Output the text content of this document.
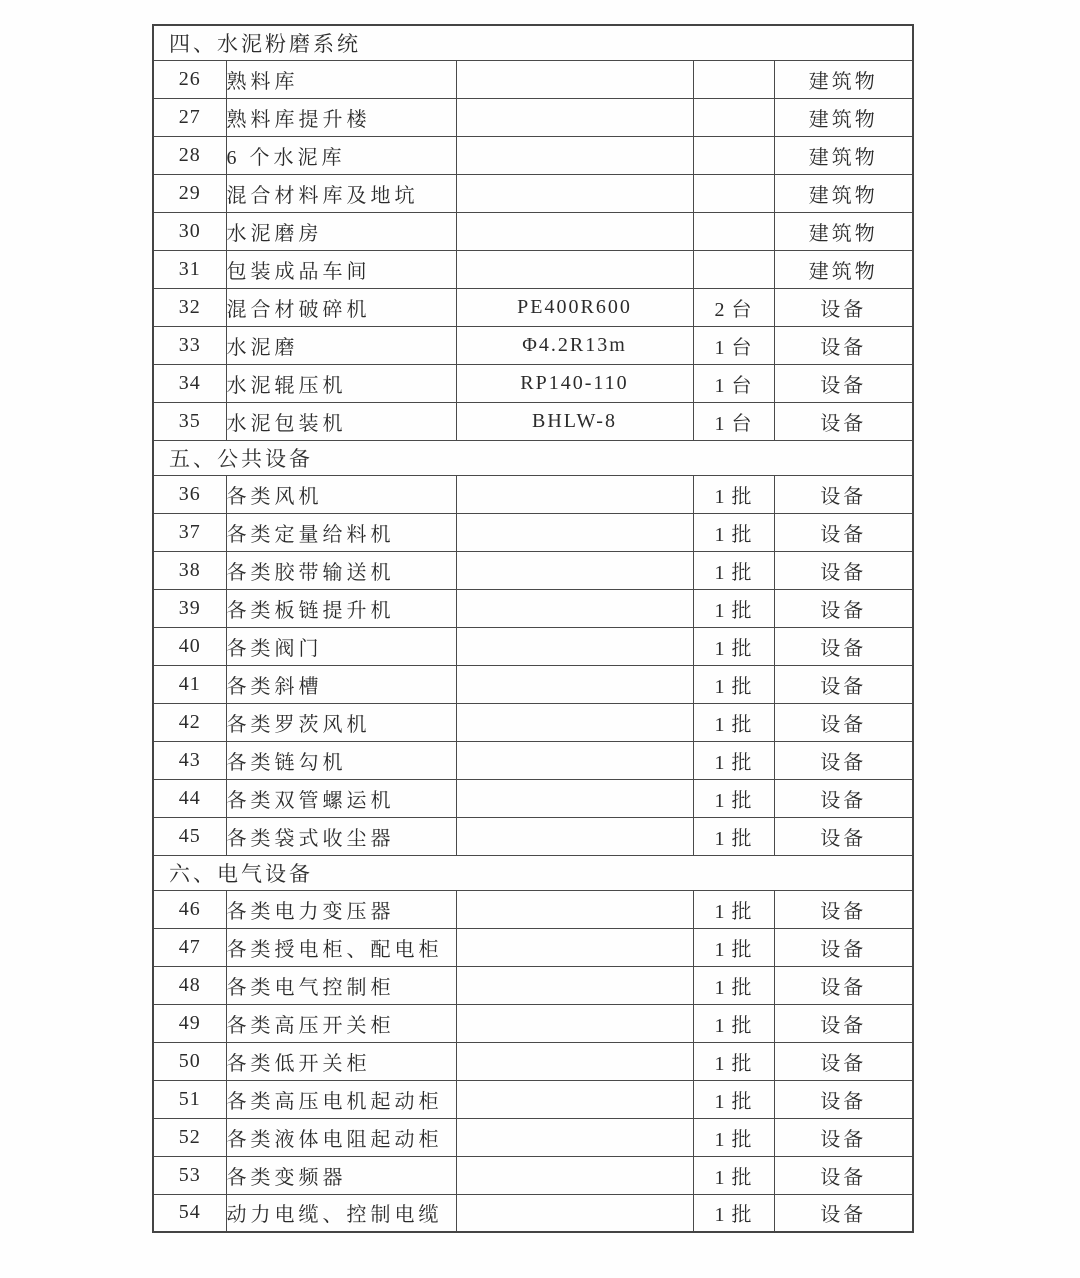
四、水泥粉磨系统				
26	熟料库			建筑物
27	熟料库提升楼			建筑物
28	6 个水泥库			建筑物
29	混合材料库及地坑			建筑物
30	水泥磨房			建筑物
31	包装成品车间			建筑物
32	混合材破碎机	PE400R600	2 台	设备
33	水泥磨	Φ4.2R13m	1 台	设备
34	水泥辊压机	RP140-110	1 台	设备
35	水泥包装机	BHLW-8	1 台	设备
五、公共设备				
36	各类风机		1 批	设备
37	各类定量给料机		1 批	设备
38	各类胶带输送机		1 批	设备
39	各类板链提升机		1 批	设备
40	各类阀门		1 批	设备
41	各类斜槽		1 批	设备
42	各类罗茨风机		1 批	设备
43	各类链勾机		1 批	设备
44	各类双管螺运机		1 批	设备
45	各类袋式收尘器		1 批	设备
六、电气设备				
46	各类电力变压器		1 批	设备
47	各类授电柜、配电柜		1 批	设备
48	各类电气控制柜		1 批	设备
49	各类高压开关柜		1 批	设备
50	各类低开关柜		1 批	设备
51	各类高压电机起动柜		1 批	设备
52	各类液体电阻起动柜		1 批	设备
53	各类变频器		1 批	设备
54	动力电缆、控制电缆		1 批	设备
